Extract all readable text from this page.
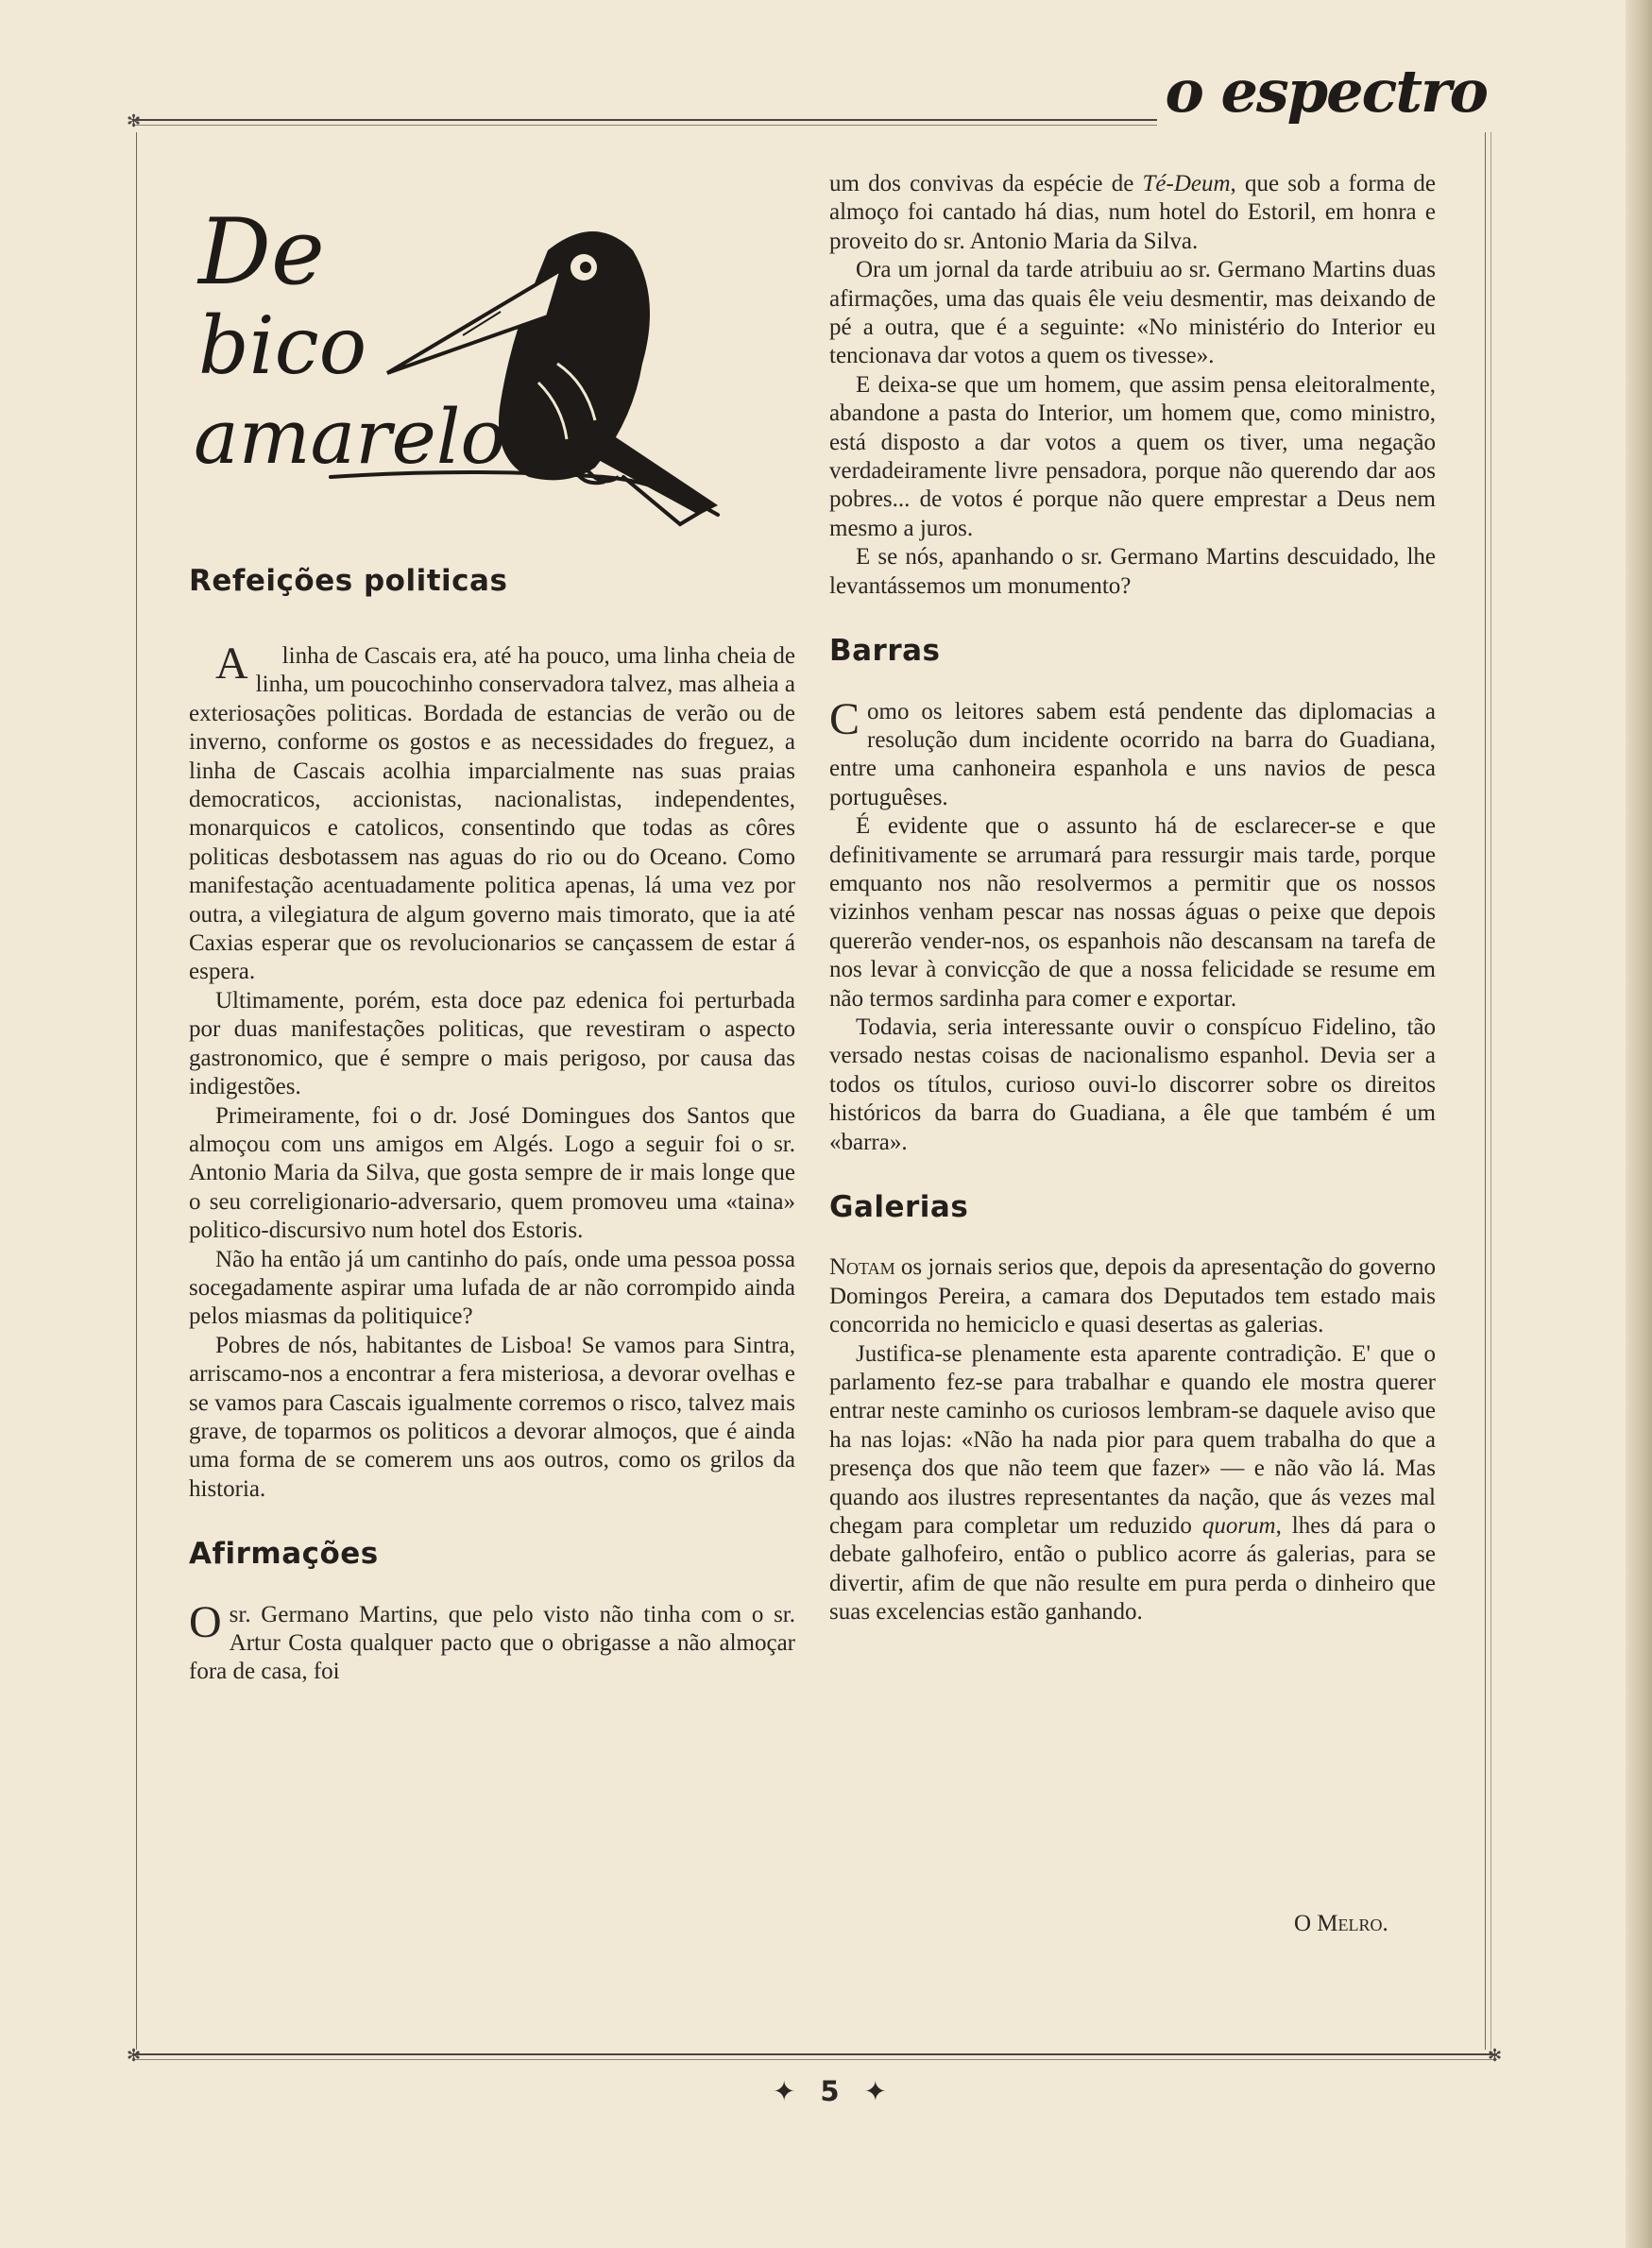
o espectro
✻
✻	✻
De
bico
amarelo
Refeições politicas

Alinha de Cascais era, até ha pouco, uma linha cheia de linha, um poucochinho conservadora talvez, mas alheia a exteriosações politicas. Bordada de estancias de verão ou de inverno, conforme os gostos e as necessidades do freguez, a linha de Cascais acolhia imparcialmente nas suas praias democraticos, accionistas, nacionalistas, independentes, monarquicos e catolicos, consentindo que todas as côres politicas desbotassem nas aguas do rio ou do Oceano. Como manifestação acentuadamente politica apenas, lá uma vez por outra, a vilegiatura de algum governo mais timorato, que ia até Caxias esperar que os revolucionarios se cançassem de estar á espera.

Ultimamente, porém, esta doce paz edenica foi perturbada por duas manifestações politicas, que revestiram o aspecto gastronomico, que é sempre o mais perigoso, por causa das indigestões.

Primeiramente, foi o dr. José Domingues dos Santos que almoçou com uns amigos em Algés. Logo a seguir foi o sr. Antonio Maria da Silva, que gosta sempre de ir mais longe que o seu correligionario-adversario, quem promoveu uma «taina» politico-discursivo num hotel dos Estoris.

Não ha então já um cantinho do país, onde uma pessoa possa socegadamente aspirar uma lufada de ar não corrompido ainda pelos miasmas da politiquice?

Pobres de nós, habitantes de Lisboa! Se vamos para Sintra, arriscamo-nos a encontrar a fera misteriosa, a devorar ovelhas e se vamos para Cascais igualmente corremos o risco, talvez mais grave, de toparmos os politicos a devorar almoços, que é ainda uma forma de se comerem uns aos outros, como os grilos da historia.

Afirmações

Osr. Germano Martins, que pelo visto não tinha com o sr. Artur Costa qualquer pacto que o obrigasse a não almoçar fora de casa, foi

um dos convivas da espécie de Té-Deum, que sob a forma de almoço foi cantado há dias, num hotel do Estoril, em honra e proveito do sr. Antonio Maria da Silva.

Ora um jornal da tarde atribuiu ao sr. Germano Martins duas afirmações, uma das quais êle veiu desmentir, mas deixando de pé a outra, que é a seguinte: «No ministério do Interior eu tencionava dar votos a quem os tivesse».

E deixa-se que um homem, que assim pensa eleitoralmente, abandone a pasta do Interior, um homem que, como ministro, está disposto a dar votos a quem os tiver, uma negação verdadeiramente livre pensadora, porque não querendo dar aos pobres... de votos é porque não quere emprestar a Deus nem mesmo a juros.

E se nós, apanhando o sr. Germano Martins descuidado, lhe levantássemos um monumento?

Barras

Como os leitores sabem está pendente das diplomacias a resolução dum incidente ocorrido na barra do Guadiana, entre uma canhoneira espanhola e uns navios de pesca portuguêses.

É evidente que o assunto há de esclarecer-se e que definitivamente se arrumará para ressurgir mais tarde, porque emquanto nos não resolvermos a permitir que os nossos vizinhos venham pescar nas nossas águas o peixe que depois quererão vender-nos, os espanhois não descansam na tarefa de nos levar à convicção de que a nossa felicidade se resume em não termos sardinha para comer e exportar.

Todavia, seria interessante ouvir o conspícuo Fidelino, tão versado nestas coisas de nacionalismo espanhol. Devia ser a todos os títulos, curioso ouvi-lo discorrer sobre os direitos históricos da barra do Guadiana, a êle que também é um «barra».

Galerias

Notam os jornais serios que, depois da apresentação do governo Domingos Pereira, a camara dos Deputados tem estado mais concorrida no hemiciclo e quasi desertas as galerias.

Justifica-se plenamente esta aparente contradição. E' que o parlamento fez-se para trabalhar e quando ele mostra querer entrar neste caminho os curiosos lembram-se daquele aviso que ha nas lojas: «Não ha nada pior para quem trabalha do que a presença dos que não teem que fazer» — e não vão lá. Mas quando aos ilustres representantes da nação, que ás vezes mal chegam para completar um reduzido quorum, lhes dá para o debate galhofeiro, então o publico acorre ás galerias, para se divertir, afim de que não resulte em pura perda o dinheiro que suas excelencias estão ganhando.

O Melro.
✦ 5 ✦
